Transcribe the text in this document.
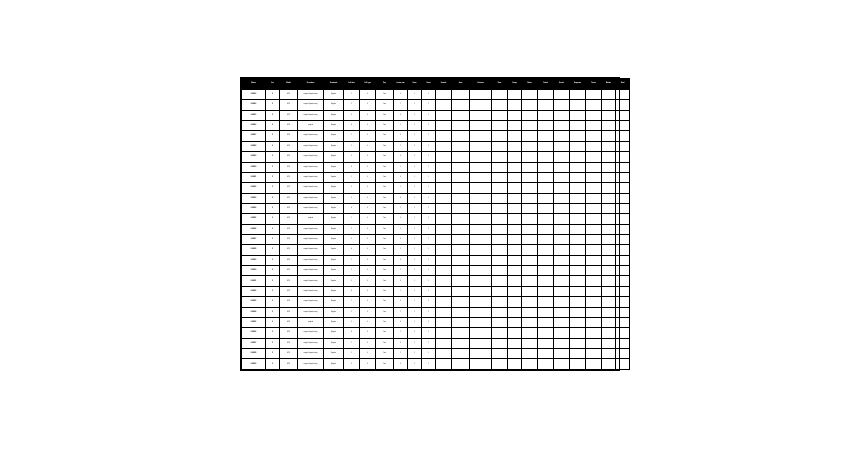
Mouse	Sex	Model	Procedure	Treatment	Cell dose	Cell type	Day	Lesion size	Score	Count	Vessels	Area	Outcome	Dose	Group	Notes	Cohort	Result	Response	Tissue	Marker	Total
LCA013	M	SCID	surgical hepatectomy	Regular	1	0	Cont	0	1	1												
LCA014	M	SCID	surgical hepatectomy	Regular	2	0	Cont	1	2	1												
LCA015	M	SCID	surgical hepatectomy	Regular	3	0	Cont	0	1	1												
LCA016	M	SCID	surgical	Regular	4	0	Cont	1	2	1												
LCA017	M	SCID	surgical hepatectomy	Regular	1	0	Cont	0	1	1												
LCA018	M	SCID	surgical hepatectomy	Regular	2	0	Cont	1	2	1												
LCA019	M	SCID	surgical hepatectomy	Regular	3	0	Cont	0	1	1												
LCA020	M	SCID	surgical hepatectomy	Regular	4	0	Cont	1	2	1												
LCA021	M	SCID	surgical hepatectomy	Regular	1	0	Cont	0	1	1												
LCA022	M	SCID	surgical hepatectomy	Regular	2	0	Cont	1	2	1												
LCA023	M	SCID	surgical hepatectomy	Regular	3	0	Cont	0	1	1												
LCA024	M	SCID	surgical hepatectomy	Regular	4	0	Cont	1	2	1												
LCA025	M	SCID	surgical	Regular	1	0	Cont	0	1	1												
LCA026	M	SCID	surgical hepatectomy	Regular	2	0	Cont	1	2	1												
LCA027	M	SCID	surgical hepatectomy	Regular	3	0	Cont	0	1	1												
LCA028	M	SCID	surgical hepatectomy	Regular	4	0	Cont	1	2	1												
LCA029	M	SCID	surgical hepatectomy	Regular	1	0	Cont	0	1	1												
LCA030	M	SCID	surgical hepatectomy	Regular	2	0	Cont	1	2	1												
LCA031	M	SCID	surgical hepatectomy	Regular	3	0	Cont	0	1	1												
LCA032	M	SCID	surgical hepatectomy	Regular	4	0	Cont	1	2	1												
LCA033	M	SCID	surgical hepatectomy	Regular	1	0	Cont	0	1	1												
LCA034	M	SCID	surgical hepatectomy	Regular	2	0	Cont	1	2	1												
LCA035	M	SCID	surgical	Regular	3	0	Cont	0	1	1												
LCA036	M	SCID	surgical hepatectomy	Regular	4	0	Cont	1	2	1												
LCA037	M	SCID	surgical hepatectomy	Regular	1	0	Cont	0	1	1												
LCA038	M	SCID	surgical hepatectomy	Regular	2	0	Cont	1	2	1												
LCA039	M	SCID	surgical hepatectomy	Regular	3	0	Cont	0	1	1												
